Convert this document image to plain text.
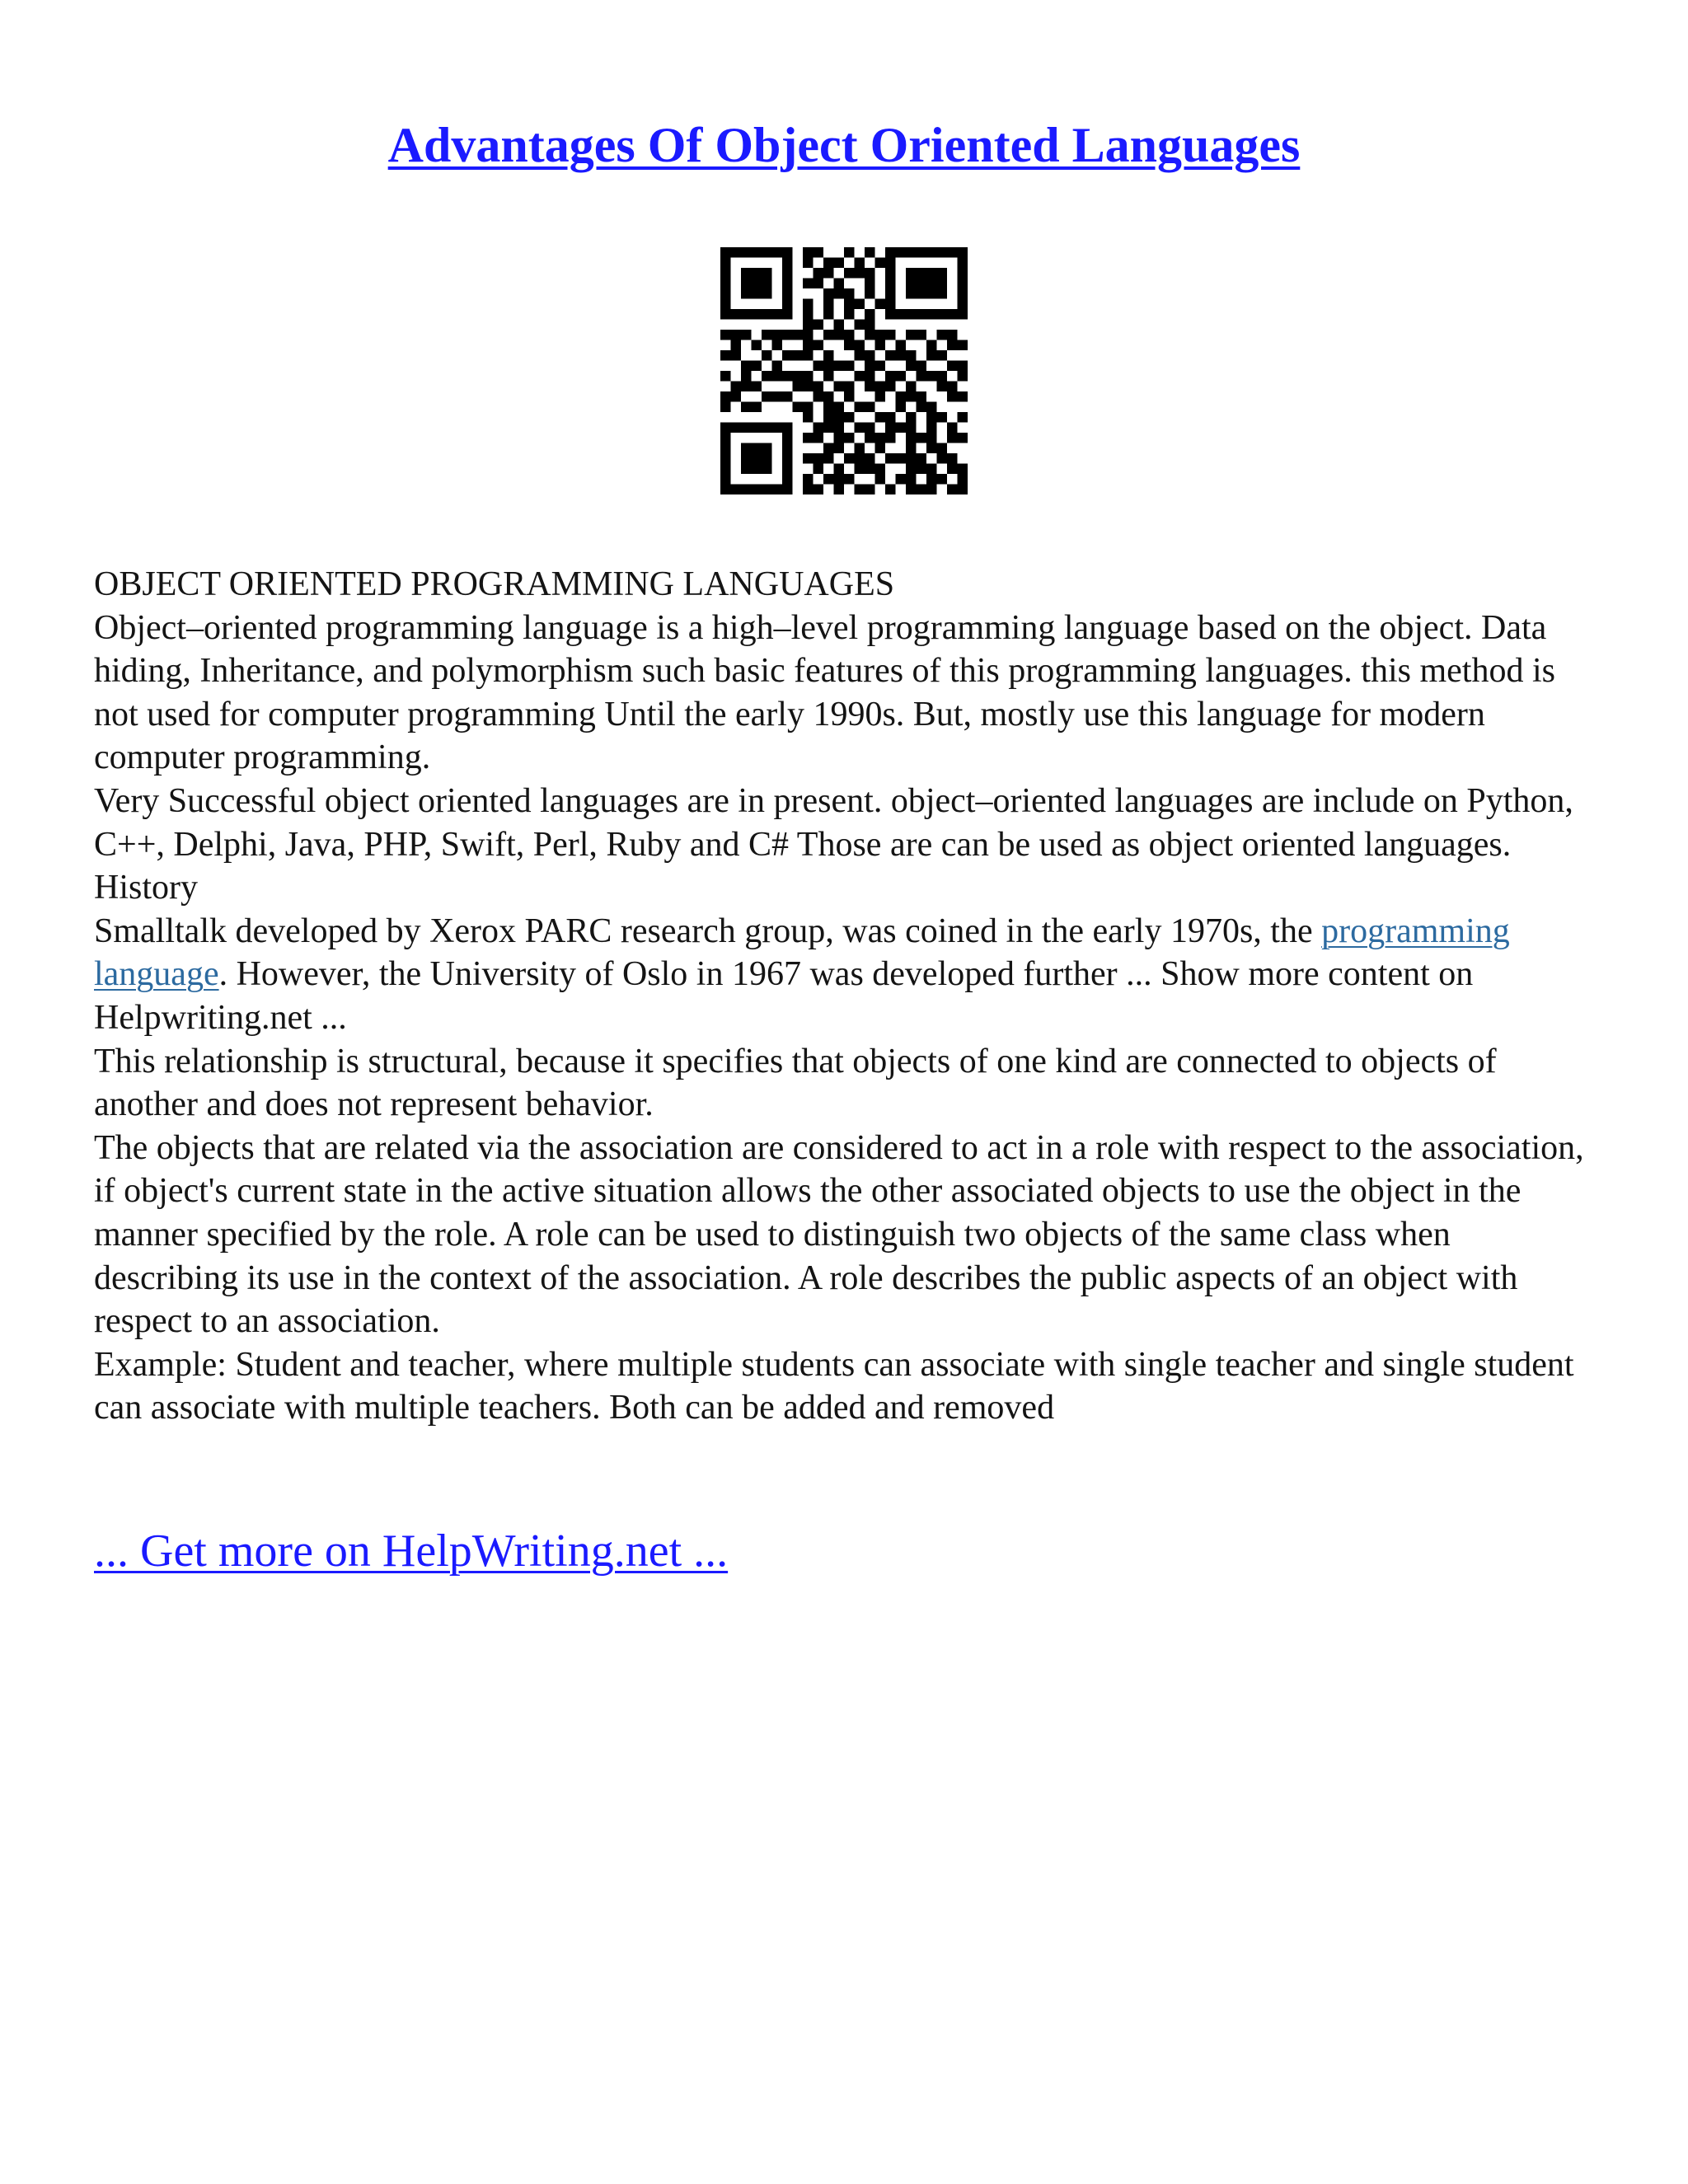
Advantages Of Object Oriented Languages

OBJECT ORIENTED PROGRAMMING LANGUAGES

Object–oriented programming language is a high–level programming language based on the object. Data hiding, Inheritance, and polymorphism such basic features of this programming languages. this method is not used for computer programming Until the early 1990s. But, mostly use this language for modern computer programming.

Very Successful object oriented languages are in present. object–oriented languages are include on Python, C++, Delphi, Java, PHP, Swift, Perl, Ruby and C# Those are can be used as object oriented languages.

History

Smalltalk developed by Xerox PARC research group, was coined in the early 1970s, the programming language. However, the University of Oslo in 1967 was developed further ... Show more content on Helpwriting.net ...

This relationship is structural, because it specifies that objects of one kind are connected to objects of another and does not represent behavior.

The objects that are related via the association are considered to act in a role with respect to the association, if object's current state in the active situation allows the other associated objects to use the object in the manner specified by the role. A role can be used to distinguish two objects of the same class when describing its use in the context of the association. A role describes the public aspects of an object with respect to an association.

Example: Student and teacher, where multiple students can associate with single teacher and single student can associate with multiple teachers. Both can be added and removed

... Get more on HelpWriting.net ...
